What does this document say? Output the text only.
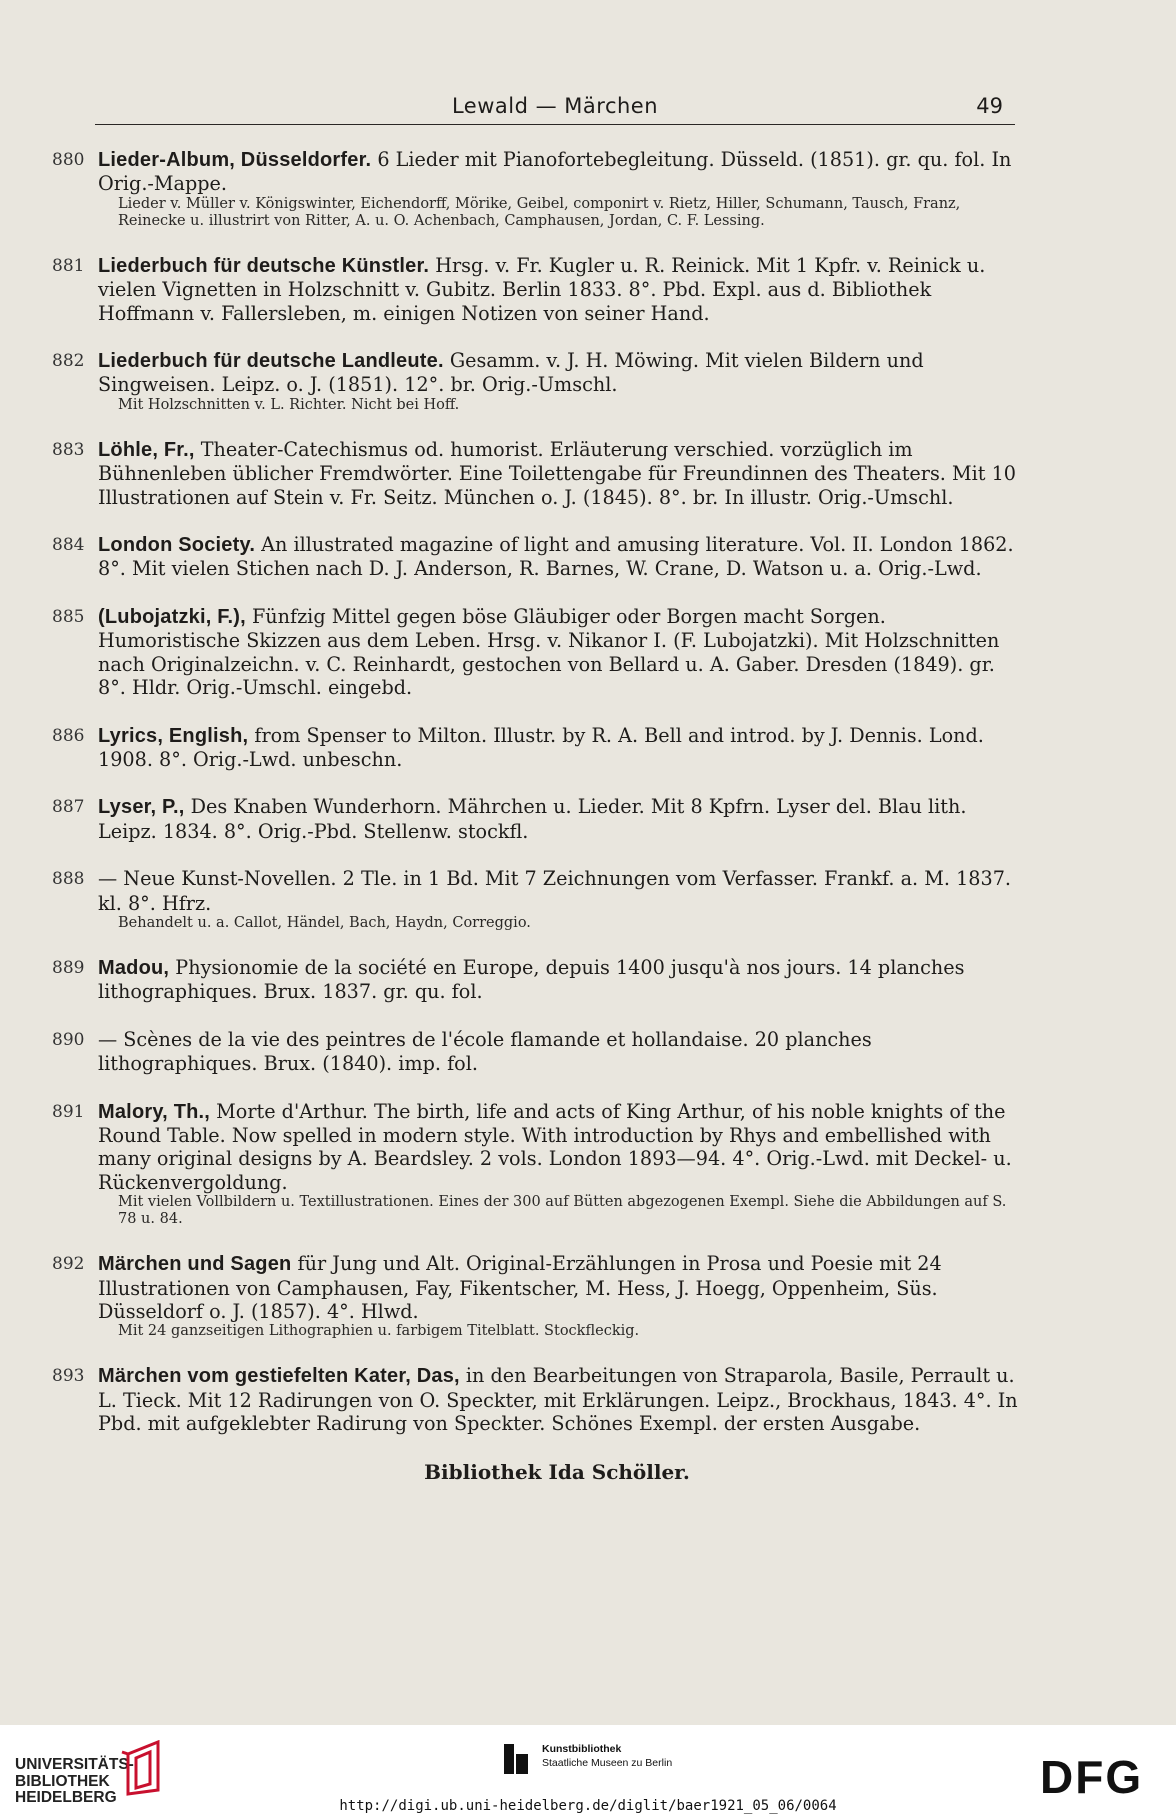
Lewald — Märchen	49
880 Lieder-Album, Düsseldorfer. 6 Lieder mit Pianofortebegleitung. Düsseld. (1851). gr. qu. fol. In Orig.-Mappe.
Lieder v. Müller v. Königswinter, Eichendorff, Mörike, Geibel, componirt v. Rietz, Hiller, Schumann, Tausch, Franz, Reinecke u. illustrirt von Ritter, A. u. O. Achenbach, Camphausen, Jordan, C. F. Lessing.
881 Liederbuch für deutsche Künstler. Hrsg. v. Fr. Kugler u. R. Reinick. Mit 1 Kpfr. v. Reinick u. vielen Vignetten in Holzschnitt v. Gubitz. Berlin 1833. 8°. Pbd. Expl. aus d. Bibliothek Hoffmann v. Fallersleben, m. einigen Notizen von seiner Hand.
882 Liederbuch für deutsche Landleute. Gesamm. v. J. H. Möwing. Mit vielen Bildern und Singweisen. Leipz. o. J. (1851). 12°. br. Orig.-Umschl.
Mit Holzschnitten v. L. Richter. Nicht bei Hoff.
883 Löhle, Fr., Theater-Catechismus od. humorist. Erläuterung verschied. vorzüglich im Bühnenleben üblicher Fremdwörter. Eine Toilettengabe für Freundinnen des Theaters. Mit 10 Illustrationen auf Stein v. Fr. Seitz. München o. J. (1845). 8°. br. In illustr. Orig.-Umschl.
884 London Society. An illustrated magazine of light and amusing literature. Vol. II. London 1862. 8°. Mit vielen Stichen nach D. J. Anderson, R. Barnes, W. Crane, D. Watson u. a. Orig.-Lwd.
885 (Lubojatzki, F.), Fünfzig Mittel gegen böse Gläubiger oder Borgen macht Sorgen. Humoristische Skizzen aus dem Leben. Hrsg. v. Nikanor I. (F. Lubojatzki). Mit Holzschnitten nach Originalzeichn. v. C. Reinhardt, gestochen von Bellard u. A. Gaber. Dresden (1849). gr. 8°. Hldr. Orig.-Umschl. eingebd.
886 Lyrics, English, from Spenser to Milton. Illustr. by R. A. Bell and introd. by J. Dennis. Lond. 1908. 8°. Orig.-Lwd. unbeschn.
887 Lyser, P., Des Knaben Wunderhorn. Mährchen u. Lieder. Mit 8 Kpfrn. Lyser del. Blau lith. Leipz. 1834. 8°. Orig.-Pbd. Stellenw. stockfl.
888 — Neue Kunst-Novellen. 2 Tle. in 1 Bd. Mit 7 Zeichnungen vom Verfasser. Frankf. a. M. 1837. kl. 8°. Hfrz.
Behandelt u. a. Callot, Händel, Bach, Haydn, Correggio.
889 Madou, Physionomie de la société en Europe, depuis 1400 jusqu'à nos jours. 14 planches lithographiques. Brux. 1837. gr. qu. fol.
890 — Scènes de la vie des peintres de l'école flamande et hollandaise. 20 planches lithographiques. Brux. (1840). imp. fol.
891 Malory, Th., Morte d'Arthur. The birth, life and acts of King Arthur, of his noble knights of the Round Table. Now spelled in modern style. With introduction by Rhys and embellished with many original designs by A. Beardsley. 2 vols. London 1893—94. 4°. Orig.-Lwd. mit Deckel- u. Rückenvergoldung.
Mit vielen Vollbildern u. Textillustrationen. Eines der 300 auf Bütten abgezogenen Exempl. Siehe die Abbildungen auf S. 78 u. 84.
892 Märchen und Sagen für Jung und Alt. Original-Erzählungen in Prosa und Poesie mit 24 Illustrationen von Camphausen, Fay, Fikentscher, M. Hess, J. Hoegg, Oppenheim, Süs. Düsseldorf o. J. (1857). 4°. Hlwd.
Mit 24 ganzseitigen Lithographien u. farbigem Titelblatt. Stockfleckig.
893 Märchen vom gestiefelten Kater, Das, in den Bearbeitungen von Straparola, Basile, Perrault u. L. Tieck. Mit 12 Radirungen von O. Speckter, mit Erklärungen. Leipz., Brockhaus, 1843. 4°. In Pbd. mit aufgeklebter Radirung von Speckter. Schönes Exempl. der ersten Ausgabe.
Bibliothek Ida Schöller.
UNIVERSITÄTS-
BIBLIOTHEK
HEIDELBERG
Kunstbibliothek
Staatliche Museen zu Berlin	DFG
http://digi.ub.uni-heidelberg.de/diglit/baer1921_05_06/0064
